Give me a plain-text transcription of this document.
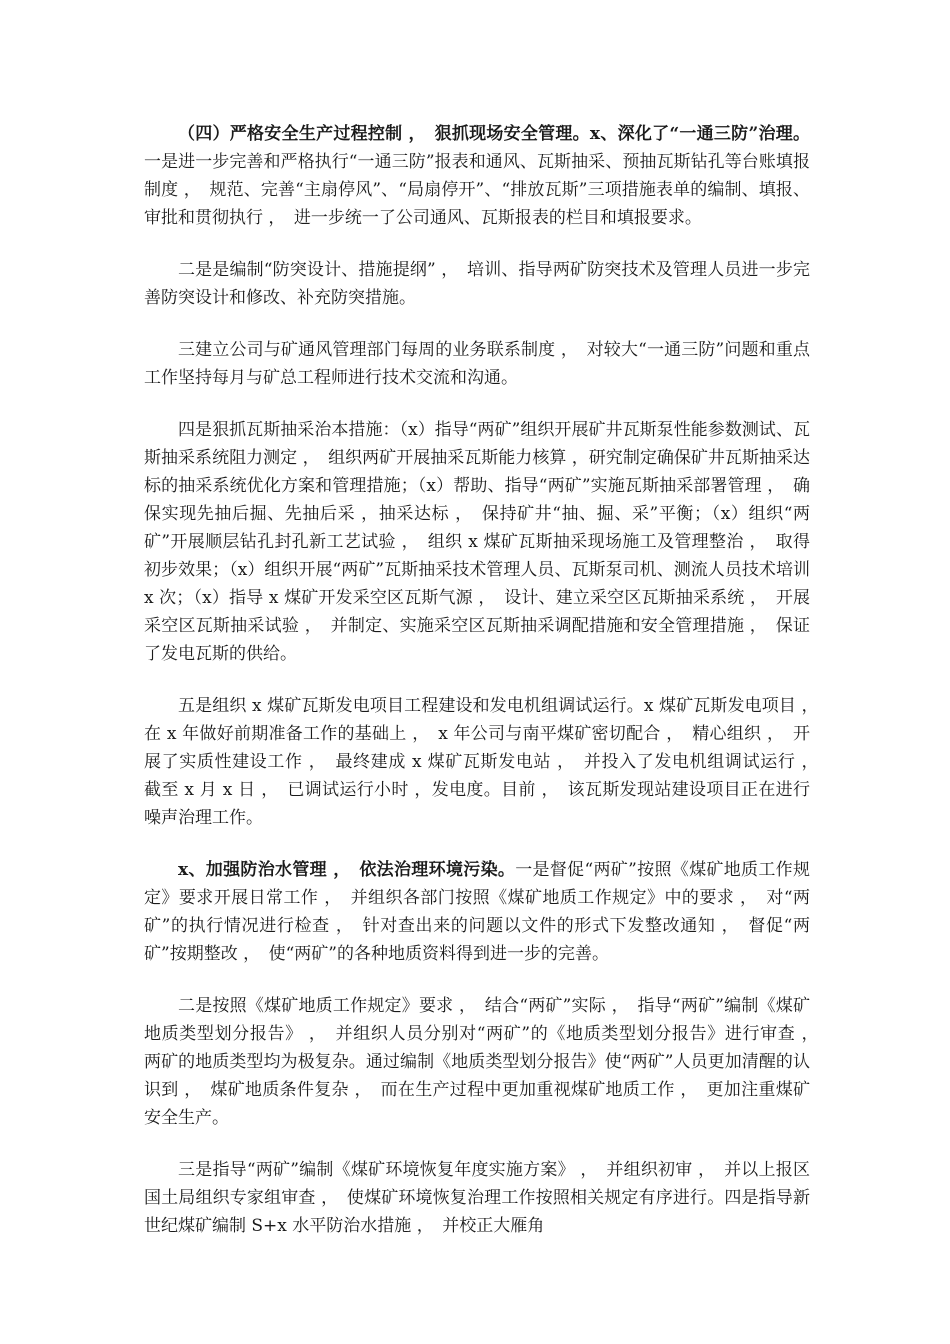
（四）严格安全生产过程控制 ，　狠抓现场安全管理。x、深化了“一通三防”治理。一是进一步完善和严格执行“一通三防”报表和通风、瓦斯抽采、预抽瓦斯钻孔等台账填报制度 ，　规范、完善“主扇停风”、“局扇停开”、“排放瓦斯”三项措施表单的编制、填报、审批和贯彻执行 ，　进一步统一了公司通风、瓦斯报表的栏目和填报要求。

二是是编制“防突设计、措施提纲” ，　培训、指导两矿防突技术及管理人员进一步完善防突设计和修改、补充防突措施。

三建立公司与矿通风管理部门每周的业务联系制度 ，　对较大“一通三防”问题和重点工作坚持每月与矿总工程师进行技术交流和沟通。

四是狠抓瓦斯抽采治本措施：（x）指导“两矿”组织开展矿井瓦斯泵性能参数测试、瓦斯抽采系统阻力测定 ，　组织两矿开展抽采瓦斯能力核算 ，研究制定确保矿井瓦斯抽采达标的抽采系统优化方案和管理措施；（x）帮助、指导“两矿”实施瓦斯抽采部署管理 ，　确保实现先抽后掘、先抽后采 ，抽采达标 ，　保持矿井“抽、掘、采”平衡；（x）组织“两矿”开展顺层钻孔封孔新工艺试验 ，　组织 x 煤矿瓦斯抽采现场施工及管理整治 ，　取得初步效果；（x）组织开展“两矿”瓦斯抽采技术管理人员、瓦斯泵司机、测流人员技术培训 x 次；（x）指导 x 煤矿开发采空区瓦斯气源 ，　设计、建立采空区瓦斯抽采系统 ，　开展采空区瓦斯抽采试验 ，　并制定、实施采空区瓦斯抽采调配措施和安全管理措施 ，　保证了发电瓦斯的供给。

五是组织 x 煤矿瓦斯发电项目工程建设和发电机组调试运行。x 煤矿瓦斯发电项目 ，　在 x 年做好前期准备工作的基础上 ，　x 年公司与南平煤矿密切配合 ，　精心组织 ，　开展了实质性建设工作 ，　最终建成 x 煤矿瓦斯发电站 ，　并投入了发电机组调试运行 ，　截至 x 月 x 日 ，　已调试运行小时 ，发电度。目前 ，　该瓦斯发现站建设项目正在进行噪声治理工作。

x、加强防治水管理 ，　依法治理环境污染。一是督促“两矿”按照《煤矿地质工作规定》要求开展日常工作 ，　并组织各部门按照《煤矿地质工作规定》中的要求 ，　对“两矿”的执行情况进行检查 ，　针对查出来的问题以文件的形式下发整改通知 ，　督促“两矿”按期整改 ，　使“两矿”的各种地质资料得到进一步的完善。

二是按照《煤矿地质工作规定》要求 ，　结合“两矿”实际 ，　指导“两矿”编制《煤矿地质类型划分报告》 ，　并组织人员分别对“两矿”的《地质类型划分报告》进行审查 ，　两矿的地质类型均为极复杂。通过编制《地质类型划分报告》使“两矿”人员更加清醒的认识到 ，　煤矿地质条件复杂 ，　而在生产过程中更加重视煤矿地质工作 ，　更加注重煤矿安全生产。

三是指导“两矿”编制《煤矿环境恢复年度实施方案》 ，　并组织初审 ，　并以上报区国土局组织专家组审查 ，　使煤矿环境恢复治理工作按照相关规定有序进行。四是指导新世纪煤矿编制 S+x 水平防治水措施 ，　并校正大雁角
